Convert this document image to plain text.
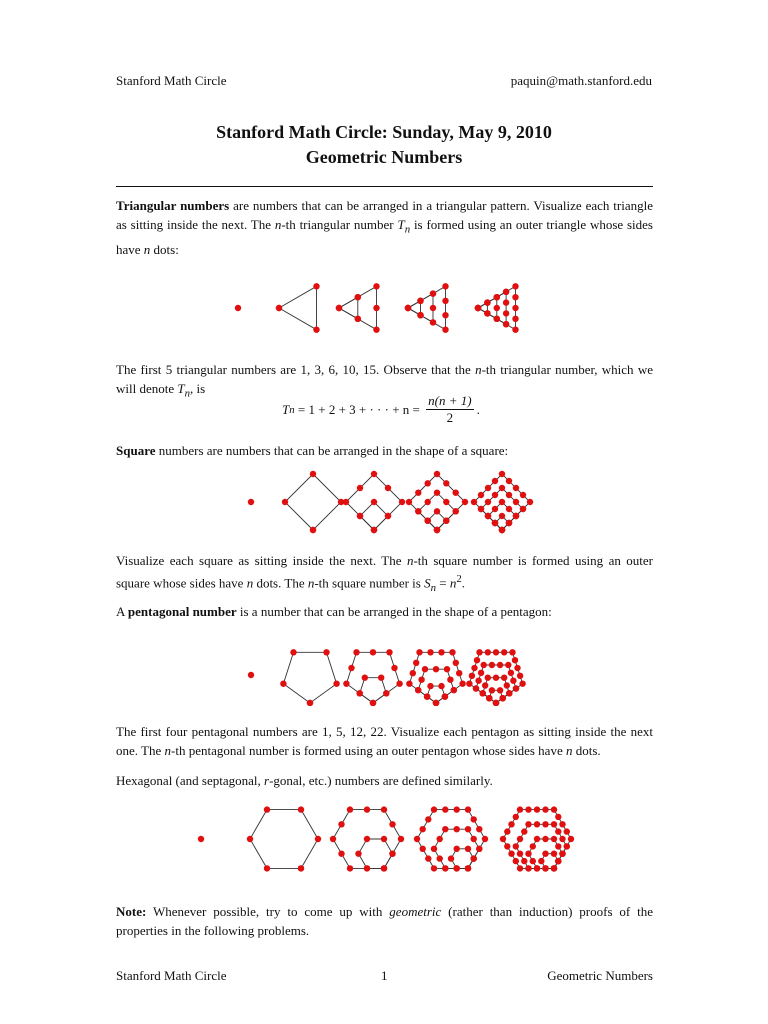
Stanford Math Circle	paquin@math.stanford.edu
Stanford Math Circle: Sunday, May 9, 2010
Geometric Numbers
Triangular numbers are numbers that can be arranged in a triangular pattern. Visualize each triangle as sitting inside the next. The n-th triangular number $T_n$ is formed using an outer triangle whose sides have n dots:
The first 5 triangular numbers are 1, 3, 6, 10, 15. Observe that the n-th triangular number, which we will denote $T_n$, is
T n = 1 + 2 + 3 + · · · + $n = \frac{n(n + 1)}{2}$ .
Square numbers are numbers that can be arranged in the shape of a square:
Visualize each square as sitting inside the next. The n-th square number is formed using an outer square whose sides have n dots. The n-th square number is $S_n = n^2$.
A pentagonal number is a number that can be arranged in the shape of a pentagon:
The first four pentagonal numbers are 1, 5, 12, 22. Visualize each pentagon as sitting inside the next one. The n-th pentagonal number is formed using an outer pentagon whose sides have n dots.
Hexagonal (and septagonal, r-gonal, etc.) numbers are defined similarly.
Note: Whenever possible, try to come up with geometric (rather than induction) proofs of the properties in the following problems.
Stanford Math Circle	1	Geometric Numbers
